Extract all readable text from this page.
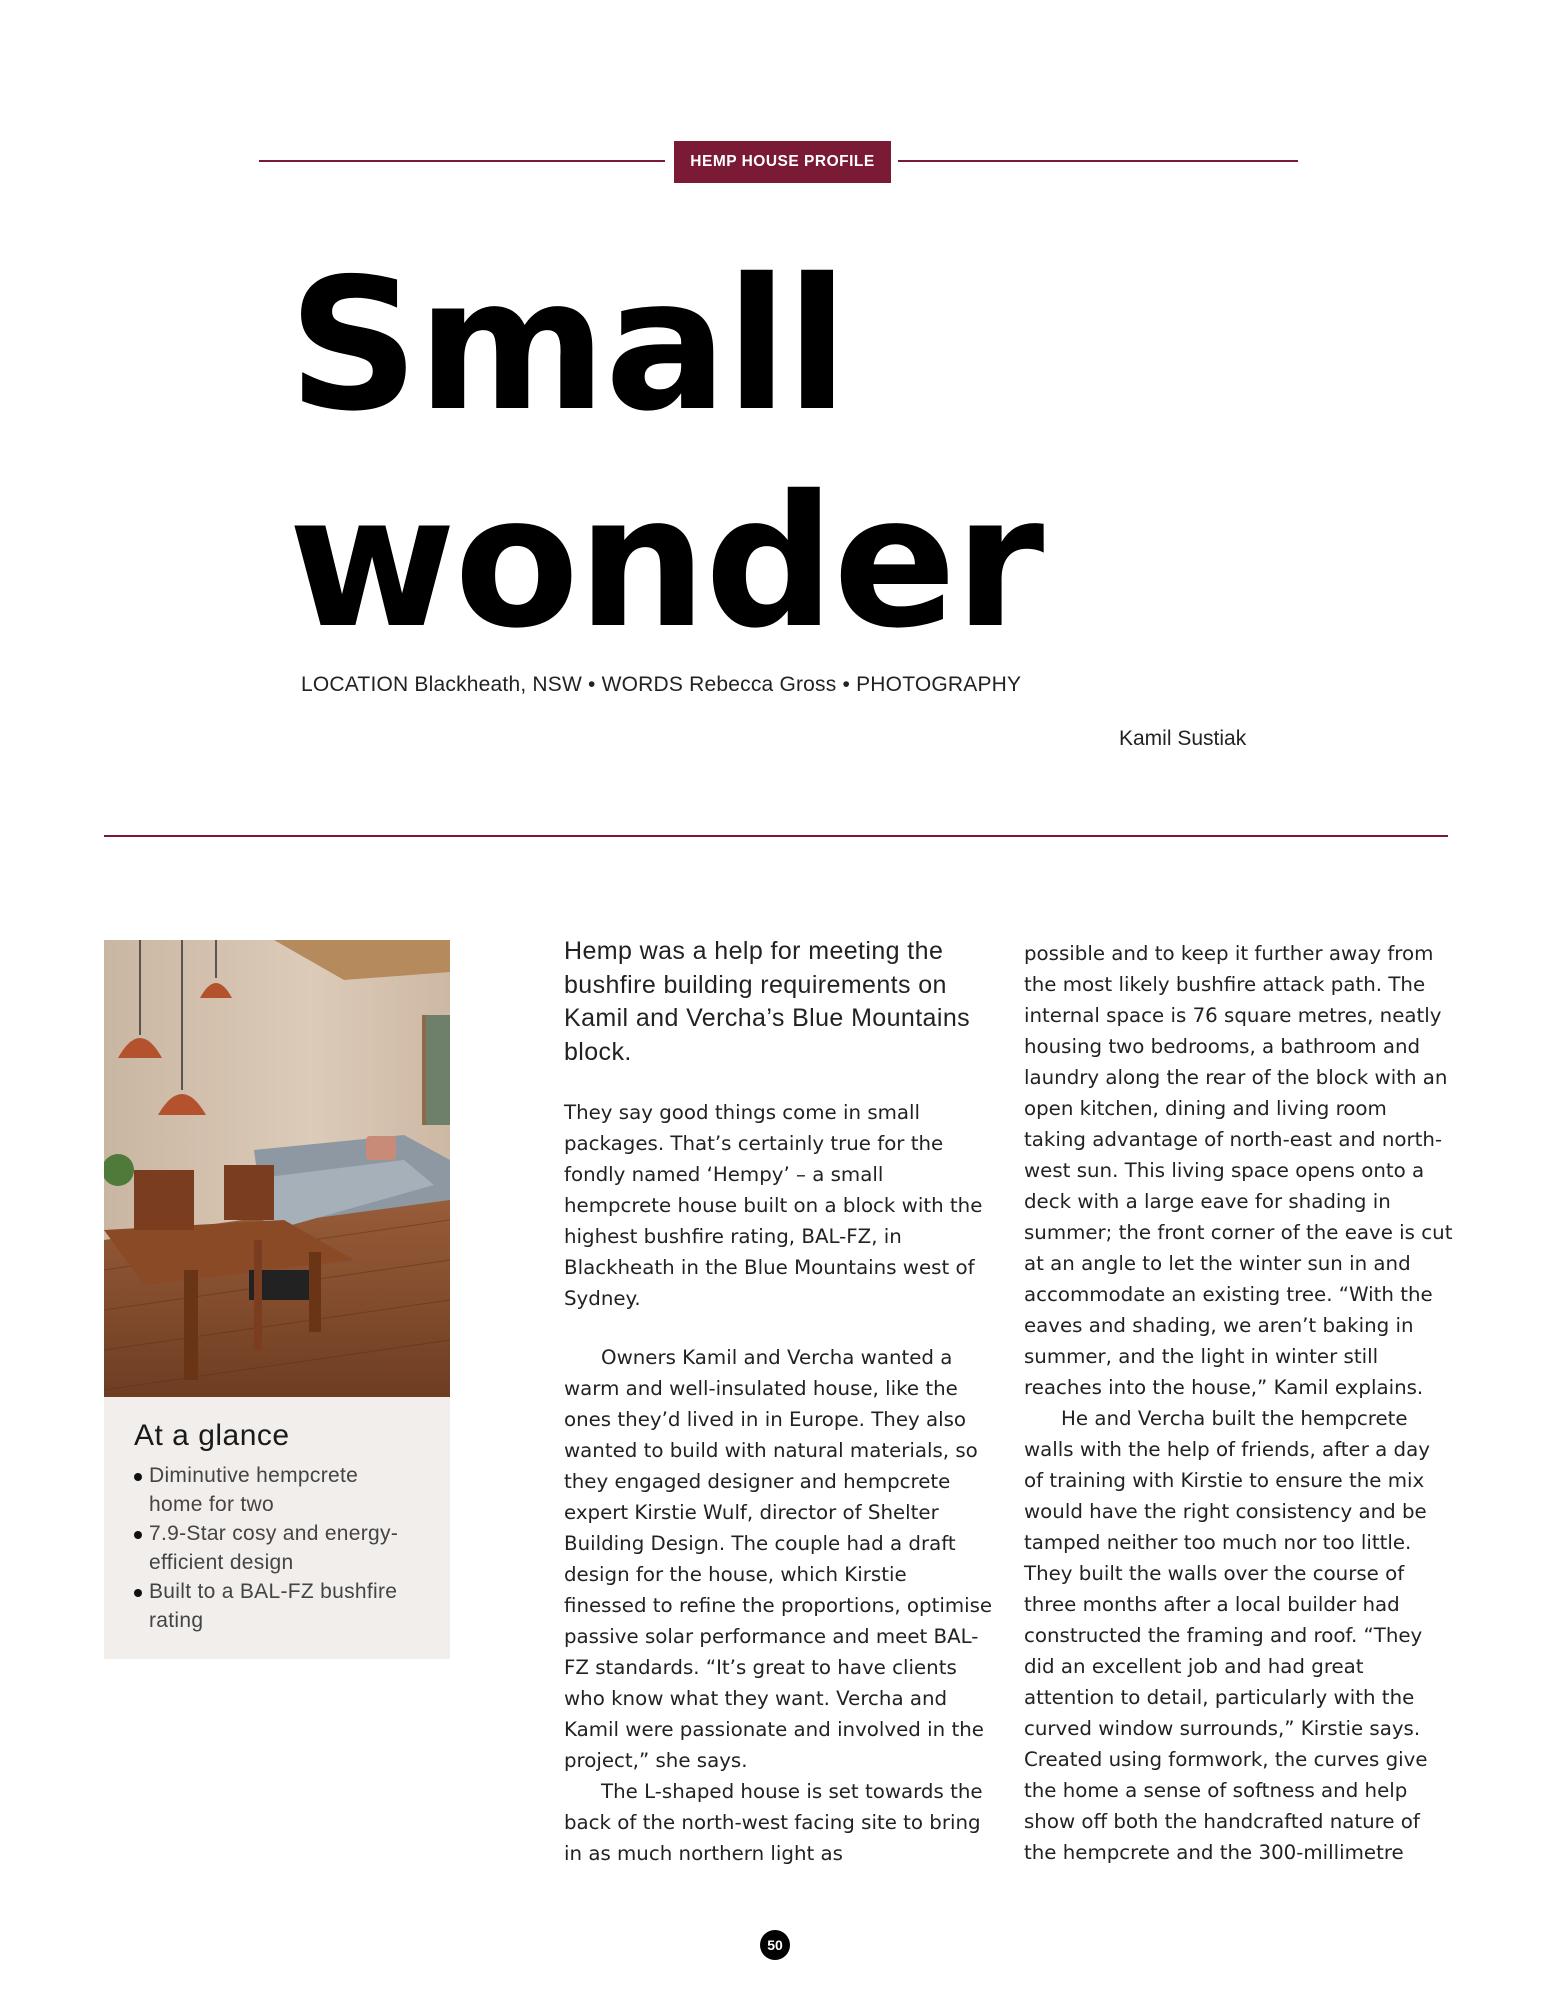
HEMP HOUSE PROFILE
Small
wonder
LOCATION Blackheath, NSW • WORDS Rebecca Gross • PHOTOGRAPHY
Kamil Sustiak
At a glance
Diminutive hempcrete home for two
7.9-Star cosy and energy-efficient design
Built to a BAL-FZ bushfire rating
Hemp was a help for meeting the bushfire building requirements on Kamil and Vercha’s Blue Mountains block.

They say good things come in small packages. That’s certainly true for the fondly named ‘Hempy’ – a small hempcrete house built on a block with the highest bushfire rating, BAL-FZ, in Blackheath in the Blue Mountains west of Sydney.

Owners Kamil and Vercha wanted a warm and well-insulated house, like the ones they’d lived in in Europe. They also wanted to build with natural materials, so they engaged designer and hempcrete expert Kirstie Wulf, director of Shelter Building Design. The couple had a draft design for the house, which Kirstie finessed to refine the proportions, optimise passive solar performance and meet BAL-FZ standards. “It’s great to have clients who know what they want. Vercha and Kamil were passionate and involved in the project,” she says.

The L-shaped house is set towards the back of the north-west facing site to bring in as much northern light as

possible and to keep it further away from the most likely bushfire attack path. The internal space is 76 square metres, neatly housing two bedrooms, a bathroom and laundry along the rear of the block with an open kitchen, dining and living room taking advantage of north-east and north-west sun. This living space opens onto a deck with a large eave for shading in summer; the front corner of the eave is cut at an angle to let the winter sun in and accommodate an existing tree. “With the eaves and shading, we aren’t baking in summer, and the light in winter still reaches into the house,” Kamil explains.

He and Vercha built the hempcrete walls with the help of friends, after a day of training with Kirstie to ensure the mix would have the right consistency and be tamped neither too much nor too little. They built the walls over the course of three months after a local builder had constructed the framing and roof. “They did an excellent job and had great attention to detail, particularly with the curved window surrounds,” Kirstie says. Created using formwork, the curves give the home a sense of softness and help show off both the handcrafted nature of the hempcrete and the 300-millimetre

50
